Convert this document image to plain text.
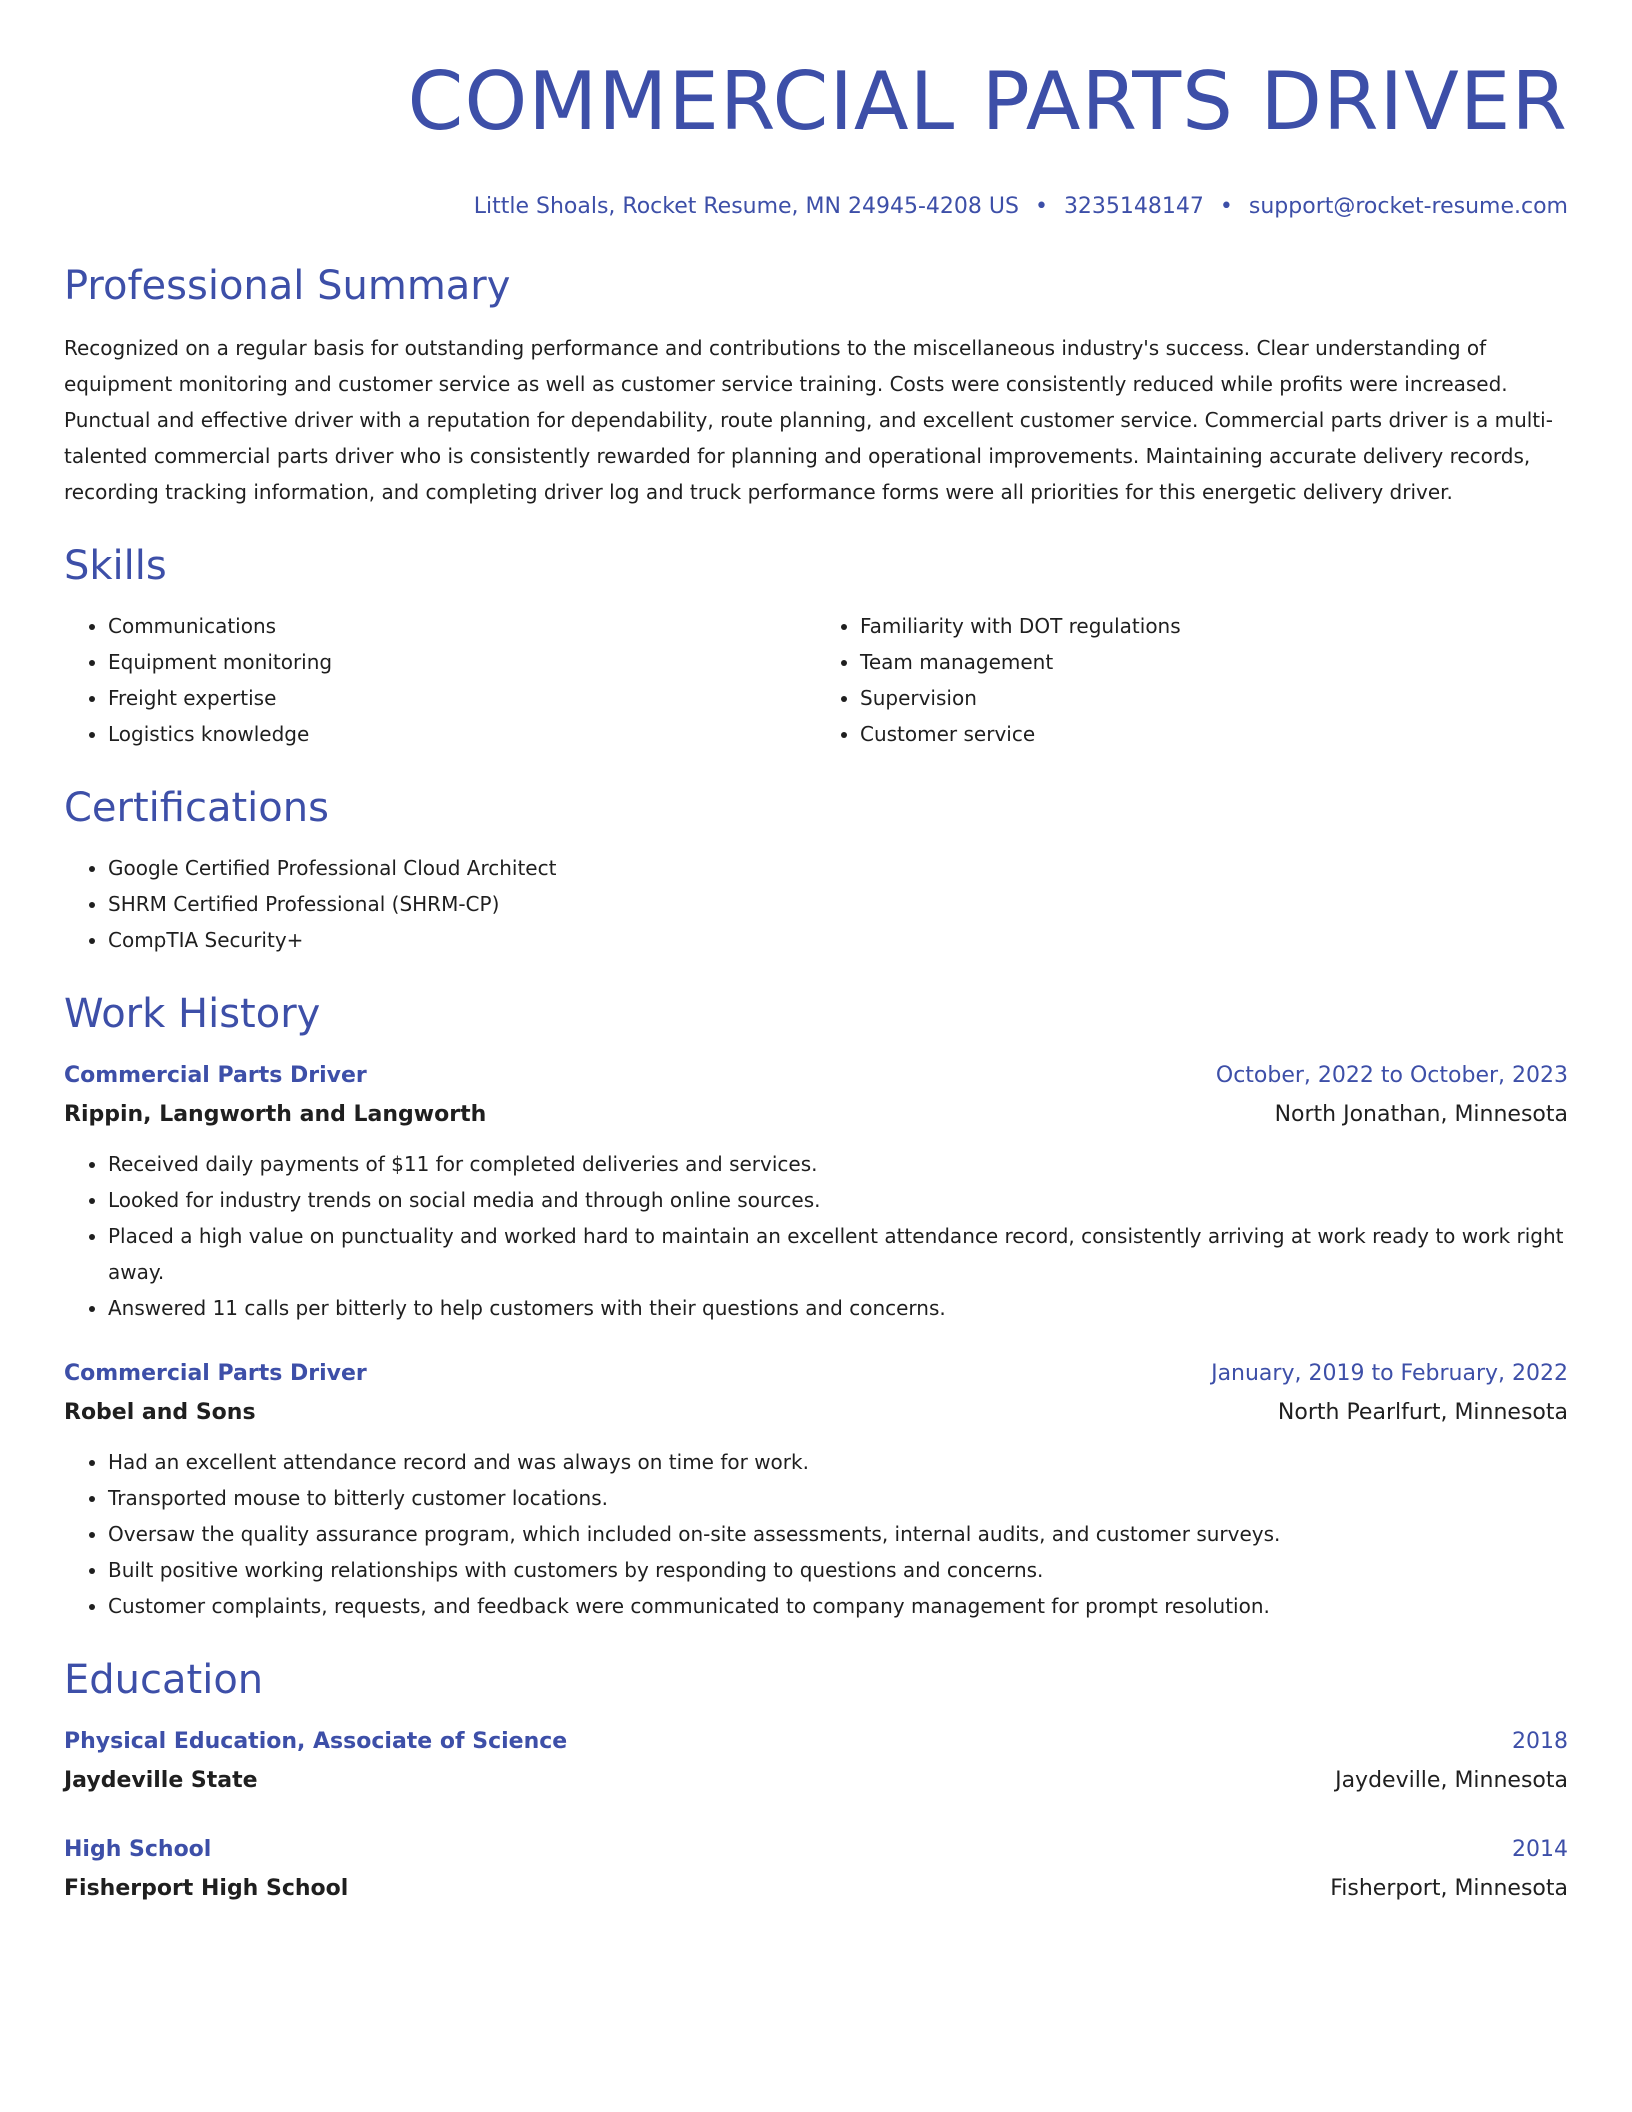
COMMERCIAL PARTS DRIVER
Little Shoals, Rocket Resume, MN 24945-4208 US • 3235148147 • support@rocket-resume.com
Professional Summary

Recognized on a regular basis for outstanding performance and contributions to the miscellaneous industry's success. Clear understanding of equipment monitoring and customer service as well as customer service training. Costs were consistently reduced while profits were increased. Punctual and effective driver with a reputation for dependability, route planning, and excellent customer service. Commercial parts driver is a multi-talented commercial parts driver who is consistently rewarded for planning and operational improvements. Maintaining accurate delivery records, recording tracking information, and completing driver log and truck performance forms were all priorities for this energetic delivery driver.

Skills
• Communications
• Equipment monitoring
• Freight expertise
• Logistics knowledge
• Familiarity with DOT regulations
• Team management
• Supervision
• Customer service
Certifications
• Google Certified Professional Cloud Architect
• SHRM Certified Professional (SHRM-CP)
• CompTIA Security+
Work History
Commercial Parts Driver	October, 2022 to October, 2023
Rippin, Langworth and Langworth	North Jonathan, Minnesota
• Received daily payments of $11 for completed deliveries and services.
• Looked for industry trends on social media and through online sources.
• Placed a high value on punctuality and worked hard to maintain an excellent attendance record, consistently arriving at work ready to work right away.
• Answered 11 calls per bitterly to help customers with their questions and concerns.
Commercial Parts Driver	January, 2019 to February, 2022
Robel and Sons	North Pearlfurt, Minnesota
• Had an excellent attendance record and was always on time for work.
• Transported mouse to bitterly customer locations.
• Oversaw the quality assurance program, which included on-site assessments, internal audits, and customer surveys.
• Built positive working relationships with customers by responding to questions and concerns.
• Customer complaints, requests, and feedback were communicated to company management for prompt resolution.
Education
Physical Education, Associate of Science	2018
Jaydeville State	Jaydeville, Minnesota
High School	2014
Fisherport High School	Fisherport, Minnesota
